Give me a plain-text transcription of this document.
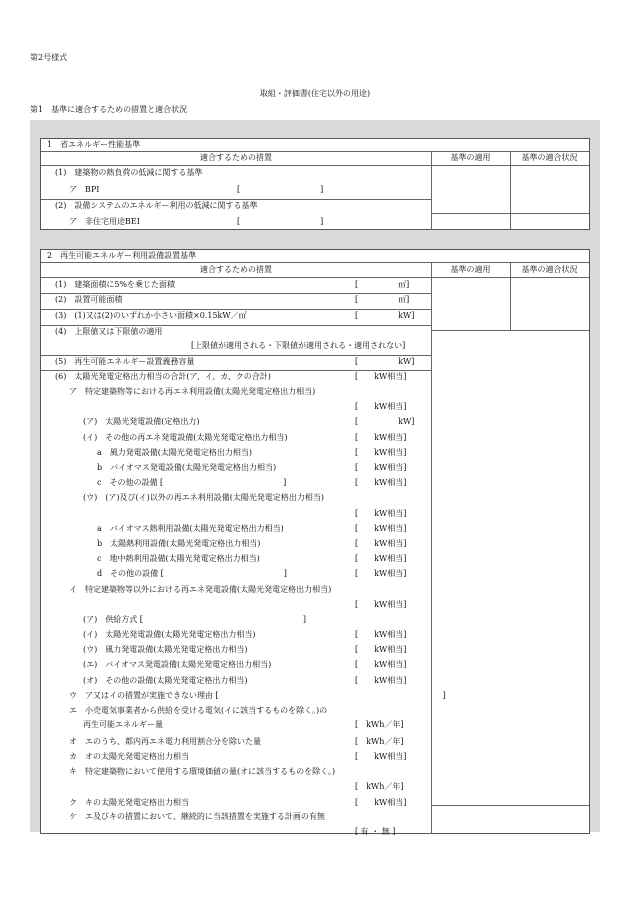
第2号様式
取組・評価書(住宅以外の用途)
第1　基準に適合するための措置と適合状況
1　省エネルギー性能基準
適合するための措置	基準の適用	基準の適合状況
(1)　建築物の熱負荷の低減に関する基準
ア　BPI	[　　　　　　　　　　]
(2)　設備システムのエネルギー利用の低減に関する基準
ア　非住宅用途BEI	[　　　　　　　　　　]
2　再生可能エネルギー利用設備設置基準
適合するための措置	基準の適用	基準の適合状況
(1)　建築面積に5%を乗じた面積	[　　　　　㎡]
(2)　設置可能面積	[　　　　　㎡]
(3)　(1)又は(2)のいずれか小さい面積×0.15kW／㎡	[　　　　　kW]
(4)　上限値又は下限値の適用
[上限値が適用される・下限値が適用される・適用されない]
(5)　再生可能エネルギー設置義務容量	[　　　　　kW]
(6)　太陽光発電定格出力相当の合計(ア、イ、カ、クの合計)	[　　kW相当]
ア　特定建築物等における再エネ利用設備(太陽光発電定格出力相当)
[　　kW相当]
(ア)　太陽光発電設備(定格出力)	[　　　　　kW]
(イ)　その他の再エネ発電設備(太陽光発電定格出力相当)	[　　kW相当]
a　風力発電設備(太陽光発電定格出力相当)	[　　kW相当]
b　バイオマス発電設備(太陽光発電定格出力相当)	[　　kW相当]
c　その他の設備 [　　　　　　　　　　　　　　　]	[　　kW相当]
(ウ)　(ア)及び(イ)以外の再エネ利用設備(太陽光発電定格出力相当)
[　　kW相当]
a　バイオマス熱利用設備(太陽光発電定格出力相当)	[　　kW相当]
b　太陽熱利用設備(太陽光発電定格出力相当)	[　　kW相当]
c　地中熱利用設備(太陽光発電定格出力相当)	[　　kW相当]
d　その他の設備 [　　　　　　　　　　　　　　　]	[　　kW相当]
イ　特定建築物等以外における再エネ発電設備(太陽光発電定格出力相当)
[　　kW相当]
(ア)　供給方式 [　　　　　　　　　　　　　　　　　　　　]
(イ)　太陽光発電設備(太陽光発電定格出力相当)	[　　kW相当]
(ウ)　風力発電設備(太陽光発電定格出力相当)	[　　kW相当]
(エ)　バイオマス発電設備(太陽光発電定格出力相当)	[　　kW相当]
(オ)　その他の設備(太陽光発電定格出力相当)	[　　kW相当]
ウ　ア又はイの措置が実施できない理由 [　　　　　　　　　　　　　　　　　　　　　　　　　　　　]
エ　小売電気事業者から供給を受ける電気(イに該当するものを除く。)の
再生可能エネルギー量	[　kWh／年]
オ　エのうち、都内再エネ電力利用割合分を除いた量	[　kWh／年]
カ　オの太陽光発電定格出力相当	[　　kW相当]
キ　特定建築物において使用する環境価値の量(オに該当するものを除く。)
[　kWh／年]
ク　キの太陽光発電定格出力相当	[　　kW相当]
ケ　エ及びキの措置において、継続的に当該措置を実施する計画の有無
[ 有 ・ 無 ]
